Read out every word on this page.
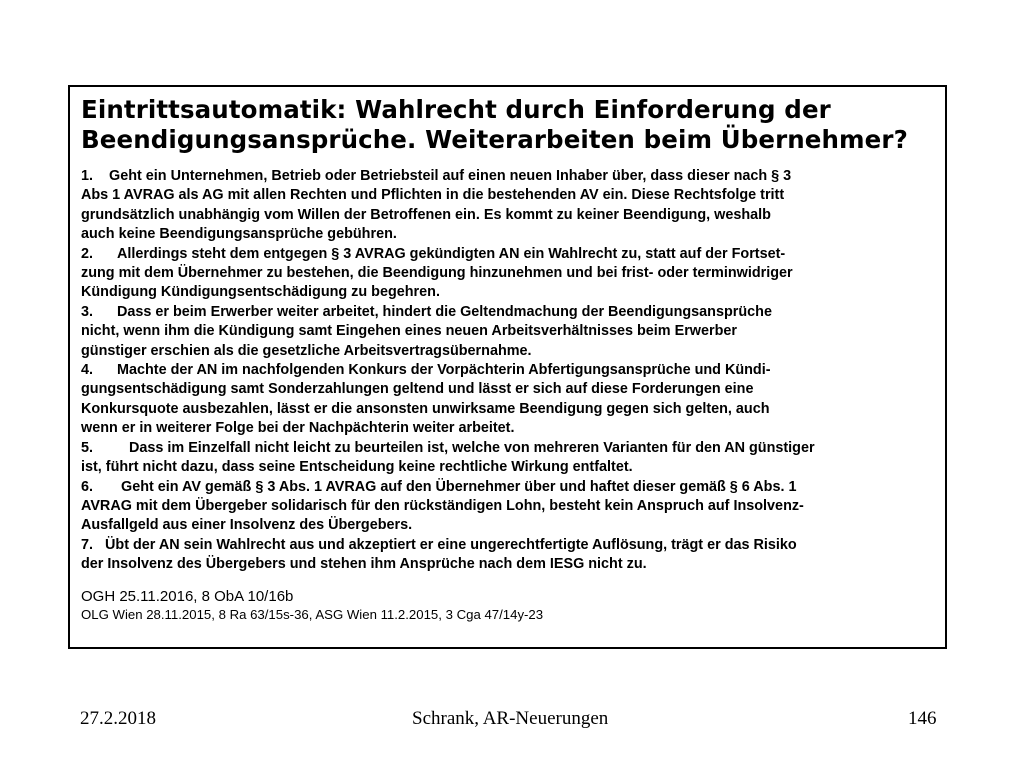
Eintrittsautomatik: Wahlrecht durch Einforderung der
Beendigungsansprüche. Weiterarbeiten beim Übernehmer?
1. Geht ein Unternehmen, Betrieb oder Betriebsteil auf einen neuen Inhaber über, dass dieser nach § 3
Abs 1 AVRAG als AG mit allen Rechten und Pflichten in die bestehenden AV ein. Diese Rechtsfolge tritt
grundsätzlich unabhängig vom Willen der Betroffenen ein. Es kommt zu keiner Beendigung, weshalb
auch keine Beendigungsansprüche gebühren.
2. Allerdings steht dem entgegen § 3 AVRAG gekündigten AN ein Wahlrecht zu, statt auf der Fortset-
zung mit dem Übernehmer zu bestehen, die Beendigung hinzunehmen und bei frist- oder terminwidriger
Kündigung Kündigungsentschädigung zu begehren.
3. Dass er beim Erwerber weiter arbeitet, hindert die Geltendmachung der Beendigungsansprüche
nicht, wenn ihm die Kündigung samt Eingehen eines neuen Arbeitsverhältnisses beim Erwerber
günstiger erschien als die gesetzliche Arbeitsvertragsübernahme.
4. Machte der AN im nachfolgenden Konkurs der Vorpächterin Abfertigungsansprüche und Kündi-
gungsentschädigung samt Sonderzahlungen geltend und lässt er sich auf diese Forderungen eine
Konkursquote ausbezahlen, lässt er die ansonsten unwirksame Beendigung gegen sich gelten, auch
wenn er in weiterer Folge bei der Nachpächterin weiter arbeitet.
5. Dass im Einzelfall nicht leicht zu beurteilen ist, welche von mehreren Varianten für den AN günstiger
ist, führt nicht dazu, dass seine Entscheidung keine rechtliche Wirkung entfaltet.
6. Geht ein AV gemäß § 3 Abs. 1 AVRAG auf den Übernehmer über und haftet dieser gemäß § 6 Abs. 1
AVRAG mit dem Übergeber solidarisch für den rückständigen Lohn, besteht kein Anspruch auf Insolvenz-
Ausfallgeld aus einer Insolvenz des Übergebers.
7. Übt der AN sein Wahlrecht aus und akzeptiert er eine ungerechtfertigte Auflösung, trägt er das Risiko
der Insolvenz des Übergebers und stehen ihm Ansprüche nach dem IESG nicht zu.
OGH 25.11.2016, 8 ObA 10/16b
OLG Wien 28.11.2015, 8 Ra 63/15s-36, ASG Wien 11.2.2015, 3 Cga 47/14y-23
27.2.2018	Schrank, AR-Neuerungen	146
